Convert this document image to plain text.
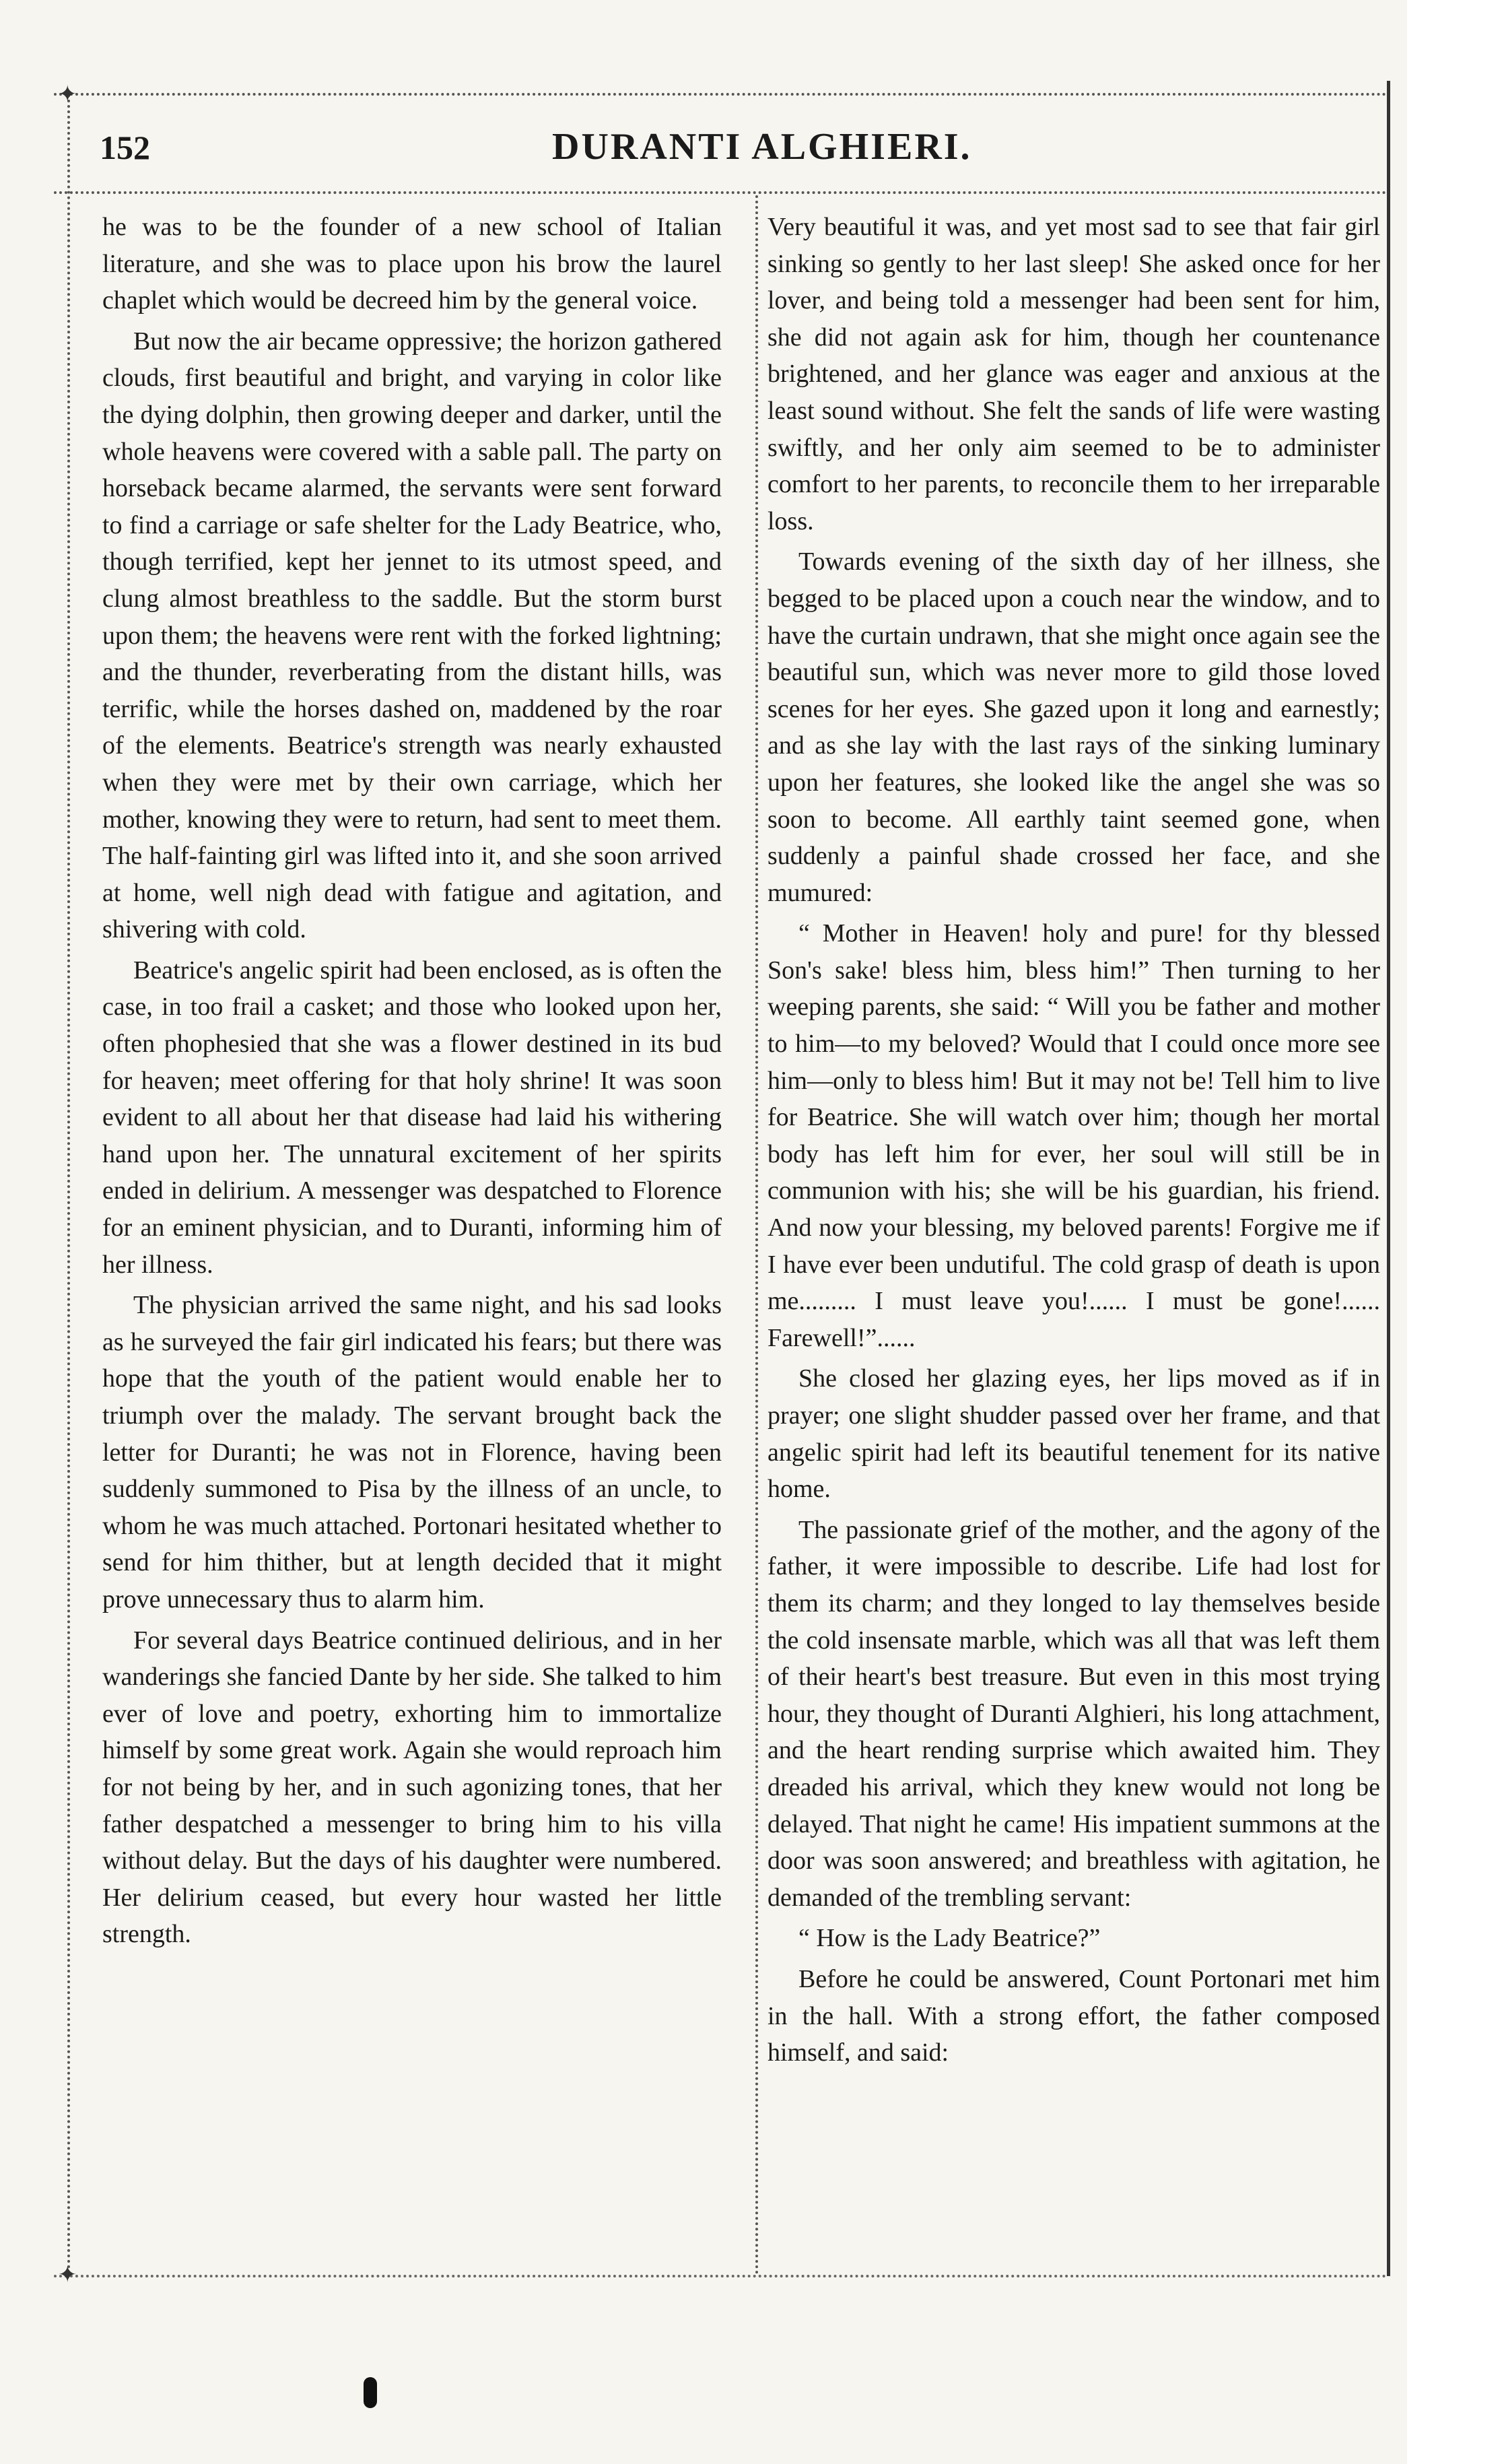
✦
✦
152	DURANTI ALGHIERI.

he was to be the founder of a new school of Italian literature, and she was to place upon his brow the laurel chaplet which would be decreed him by the general voice.

But now the air became oppressive; the horizon gathered clouds, first beautiful and bright, and varying in color like the dying dolphin, then growing deeper and darker, until the whole heavens were covered with a sable pall. The party on horseback became alarmed, the servants were sent forward to find a carriage or safe shelter for the Lady Beatrice, who, though terrified, kept her jennet to its utmost speed, and clung almost breathless to the saddle. But the storm burst upon them; the heavens were rent with the forked lightning; and the thunder, reverberating from the distant hills, was terrific, while the horses dashed on, maddened by the roar of the elements. Beatrice's strength was nearly exhausted when they were met by their own carriage, which her mother, knowing they were to return, had sent to meet them. The half-fainting girl was lifted into it, and she soon arrived at home, well nigh dead with fatigue and agitation, and shivering with cold.

Beatrice's angelic spirit had been enclosed, as is often the case, in too frail a casket; and those who looked upon her, often phophesied that she was a flower destined in its bud for heaven; meet offering for that holy shrine! It was soon evident to all about her that disease had laid his withering hand upon her. The unnatural excitement of her spirits ended in delirium. A messenger was despatched to Florence for an eminent physician, and to Duranti, informing him of her illness.

The physician arrived the same night, and his sad looks as he surveyed the fair girl indicated his fears; but there was hope that the youth of the patient would enable her to triumph over the malady. The servant brought back the letter for Duranti; he was not in Florence, having been suddenly summoned to Pisa by the illness of an uncle, to whom he was much attached. Portonari hesitated whether to send for him thither, but at length decided that it might prove unnecessary thus to alarm him.

For several days Beatrice continued delirious, and in her wanderings she fancied Dante by her side. She talked to him ever of love and poetry, exhorting him to immortalize himself by some great work. Again she would reproach him for not being by her, and in such agonizing tones, that her father despatched a messenger to bring him to his villa without delay. But the days of his daughter were numbered. Her delirium ceased, but every hour wasted her little strength.

Very beautiful it was, and yet most sad to see that fair girl sinking so gently to her last sleep! She asked once for her lover, and being told a messenger had been sent for him, she did not again ask for him, though her countenance brightened, and her glance was eager and anxious at the least sound without. She felt the sands of life were wasting swiftly, and her only aim seemed to be to administer comfort to her parents, to reconcile them to her irreparable loss.

Towards evening of the sixth day of her illness, she begged to be placed upon a couch near the window, and to have the curtain undrawn, that she might once again see the beautiful sun, which was never more to gild those loved scenes for her eyes. She gazed upon it long and earnestly; and as she lay with the last rays of the sinking luminary upon her features, she looked like the angel she was so soon to become. All earthly taint seemed gone, when suddenly a painful shade crossed her face, and she mumured:

“ Mother in Heaven! holy and pure! for thy blessed Son's sake! bless him, bless him!” Then turning to her weeping parents, she said: “ Will you be father and mother to him—to my beloved? Would that I could once more see him—only to bless him! But it may not be! Tell him to live for Beatrice. She will watch over him; though her mortal body has left him for ever, her soul will still be in communion with his; she will be his guardian, his friend. And now your blessing, my beloved parents! Forgive me if I have ever been undutiful. The cold grasp of death is upon me......... I must leave you!...... I must be gone!...... Farewell!”......

She closed her glazing eyes, her lips moved as if in prayer; one slight shudder passed over her frame, and that angelic spirit had left its beautiful tenement for its native home.

The passionate grief of the mother, and the agony of the father, it were impossible to describe. Life had lost for them its charm; and they longed to lay themselves beside the cold insensate marble, which was all that was left them of their heart's best treasure. But even in this most trying hour, they thought of Duranti Alghieri, his long attachment, and the heart rending surprise which awaited him. They dreaded his arrival, which they knew would not long be delayed. That night he came! His impatient summons at the door was soon answered; and breathless with agitation, he demanded of the trembling servant:

“ How is the Lady Beatrice?”

Before he could be answered, Count Portonari met him in the hall. With a strong effort, the father composed himself, and said:
